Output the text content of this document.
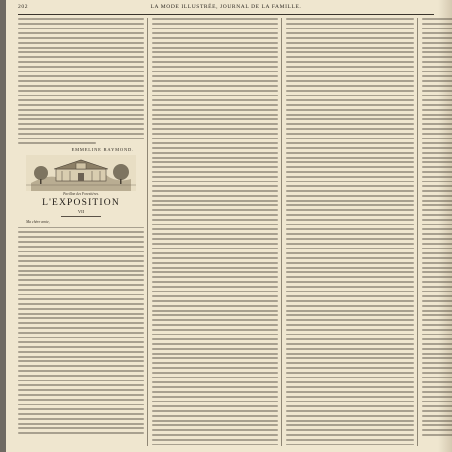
202	LA MODE ILLUSTRÉE, JOURNAL DE LA FAMILLE.
EMMELINE RAYMOND.
Pavillon des Forestières.
L'EXPOSITION
VII
Ma chère amie,
